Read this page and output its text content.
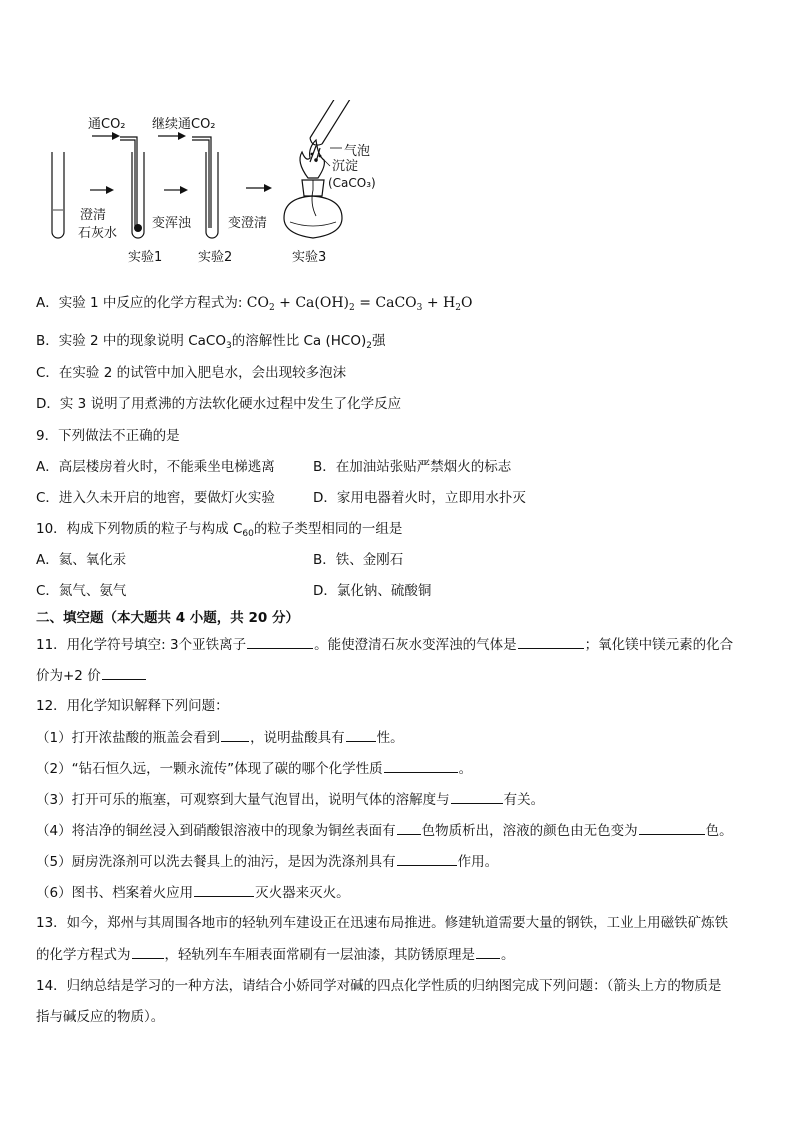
通CO₂ 继续通CO₂
澄清
石灰水
变浑浊	变澄清
气泡
沉淀
(CaCO₃)
实验1	实验2	实验3
A．实验 1 中反应的化学方程式为: $CO_2 + Ca(OH)_2$ = CaCO$_3$ + $H_2O$
B．实验 2 中的现象说明 CaCO$_3$的溶解性比 Ca $(HCO)_2$强
C．在实验 2 的试管中加入肥皂水，会出现较多泡沫
D．实 3 说明了用煮沸的方法软化硬水过程中发生了化学反应
9．下列做法不正确的是
A．高层楼房着火时，不能乘坐电梯逃离	B．在加油站张贴严禁烟火的标志
C．进入久未开启的地窖，要做灯火实验	D．家用电器着火时，立即用水扑灭
10．构成下列物质的粒子与构成 $C_{60}$的粒子类型相同的一组是
A．氦、氧化汞	B．铁、金刚石
C．氮气、氨气	D．氯化钠、硫酸铜
二、填空题（本大题共 4 小题，共 20 分）
11．用化学符号填空: 3个亚铁离子	。能使澄清石灰水变浑浊的气体是	；氧化镁中镁元素的化合
价为+2 价
12．用化学知识解释下列问题：
（1）打开浓盐酸的瓶盖会看到 ，说明盐酸具有 性。
（2）“钻石恒久远，一颗永流传”体现了碳的哪个化学性质	。
（3）打开可乐的瓶塞，可观察到大量气泡冒出，说明气体的溶解度与	有关。
（4）将洁净的铜丝浸入到硝酸银溶液中的现象为铜丝表面有 色物质析出，溶液的颜色由无色变为	色。
（5）厨房洗涤剂可以洗去餐具上的油污，是因为洗涤剂具有	作用。
（6）图书、档案着火应用	灭火器来灭火。
13．如今，郑州与其周围各地市的轻轨列车建设正在迅速布局推进。修建轨道需要大量的钢铁，工业上用磁铁矿炼铁
的化学方程式为	，轻轨列车车厢表面常刷有一层油漆，其防锈原理是 。
14．归纳总结是学习的一种方法，请结合小娇同学对碱的四点化学性质的归纳图完成下列问题：（箭头上方的物质是
指与碱反应的物质）。
